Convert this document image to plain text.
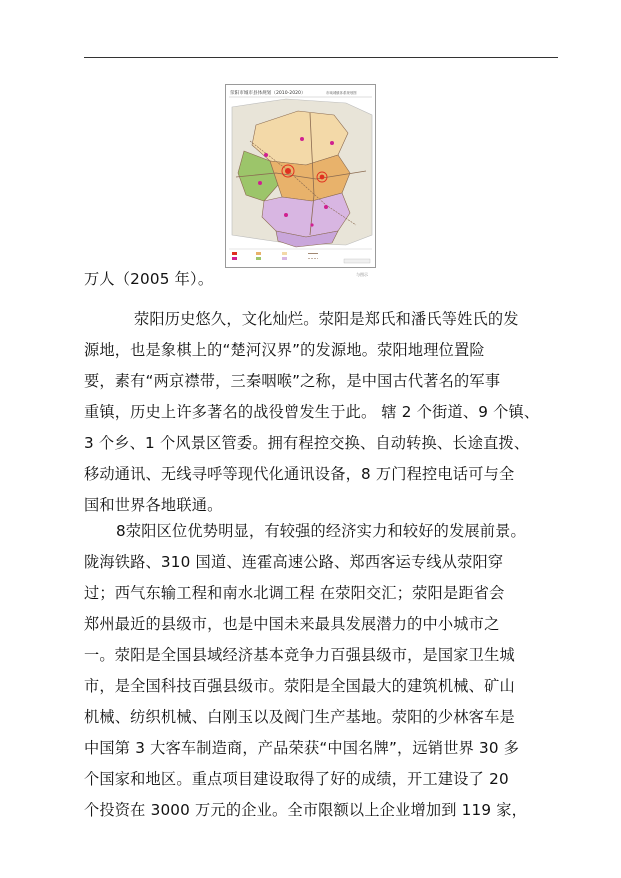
荥阳市城市县体规划（2010-2020）	市域城镇体系规划图
与图示
万人（2005 年）。
荥阳历史悠久，文化灿烂。荥阳是郑氏和潘氏等姓氏的发
源地，也是象棋上的“楚河汉界”的发源地。荥阳地理位置险
要，素有“两京襟带，三秦咽喉”之称，是中国古代著名的军事
重镇，历史上许多著名的战役曾发生于此。 辖 2 个街道、9 个镇、
3 个乡、1 个风景区管委。拥有程控交换、自动转换、长途直拨、
移动通讯、无线寻呼等现代化通讯设备，8 万门程控电话可与全
国和世界各地联通。
8荥阳区位优势明显，有较强的经济实力和较好的发展前景。
陇海铁路、310 国道、连霍高速公路、郑西客运专线从荥阳穿
过；西气东输工程和南水北调工程 在荥阳交汇；荥阳是距省会
郑州最近的县级市，也是中国未来最具发展潜力的中小城市之
一。荥阳是全国县域经济基本竞争力百强县级市，是国家卫生城
市，是全国科技百强县级市。荥阳是全国最大的建筑机械、矿山
机械、纺织机械、白刚玉以及阀门生产基地。荥阳的少林客车是
中国第 3 大客车制造商，产品荣获“中国名牌”，远销世界 30 多
个国家和地区。重点项目建设取得了好的成绩，开工建设了 20
个投资在 3000 万元的企业。全市限额以上企业增加到 119 家，
